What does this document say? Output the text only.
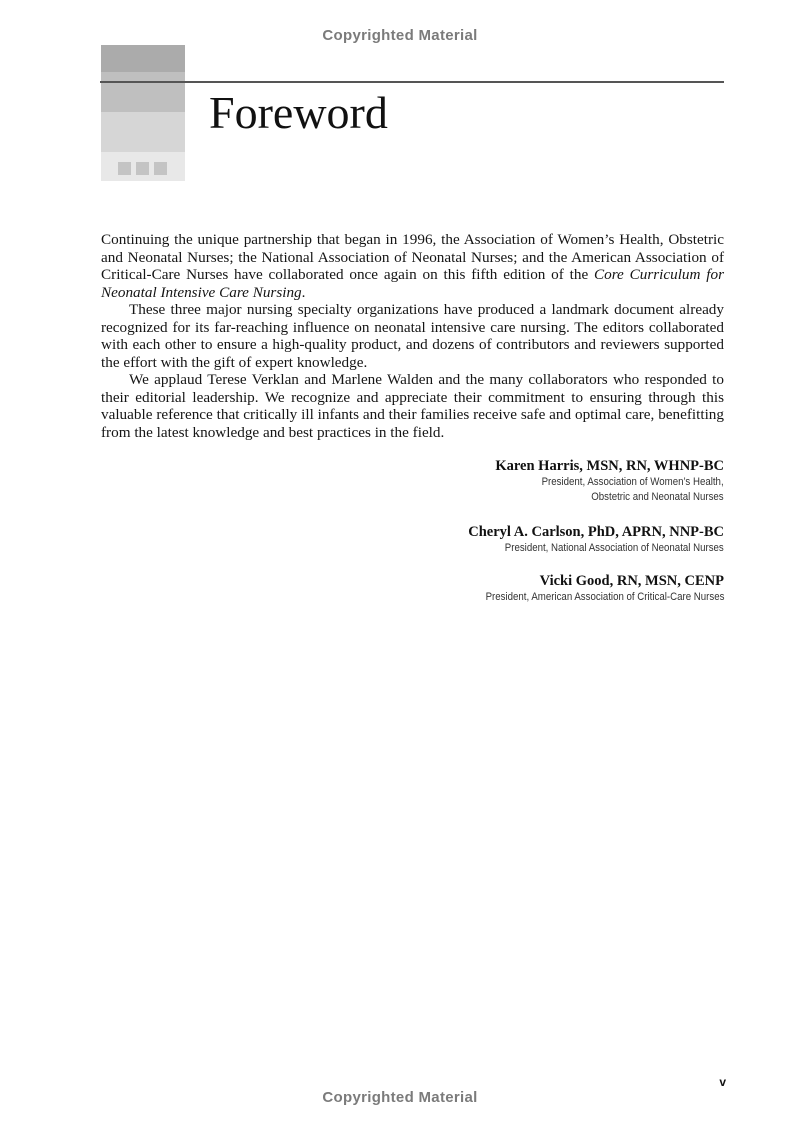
Copyrighted Material
Foreword

Continuing the unique partnership that began in 1996, the Association of Women’s Health, Obstetric and Neonatal Nurses; the National Association of Neonatal Nurses; and the American Association of Critical-Care Nurses have collaborated once again on this fifth edition of the Core Curriculum for Neonatal Intensive Care Nursing.

These three major nursing specialty organizations have produced a landmark document already recognized for its far-reaching influence on neonatal intensive care nursing. The editors collaborated with each other to ensure a high-quality product, and dozens of contributors and reviewers supported the effort with the gift of expert knowledge.

We applaud Terese Verklan and Marlene Walden and the many collaborators who responded to their editorial leadership. We recognize and appreciate their commitment to ensuring through this valuable reference that critically ill infants and their families receive safe and optimal care, benefitting from the latest knowledge and best practices in the field.

Karen Harris, MSN, RN, WHNP-BC
President, Association of Women’s Health,
Obstetric and Neonatal Nurses
Cheryl A. Carlson, PhD, APRN, NNP-BC
President, National Association of Neonatal Nurses
Vicki Good, RN, MSN, CENP
President, American Association of Critical-Care Nurses
v
Copyrighted Material
